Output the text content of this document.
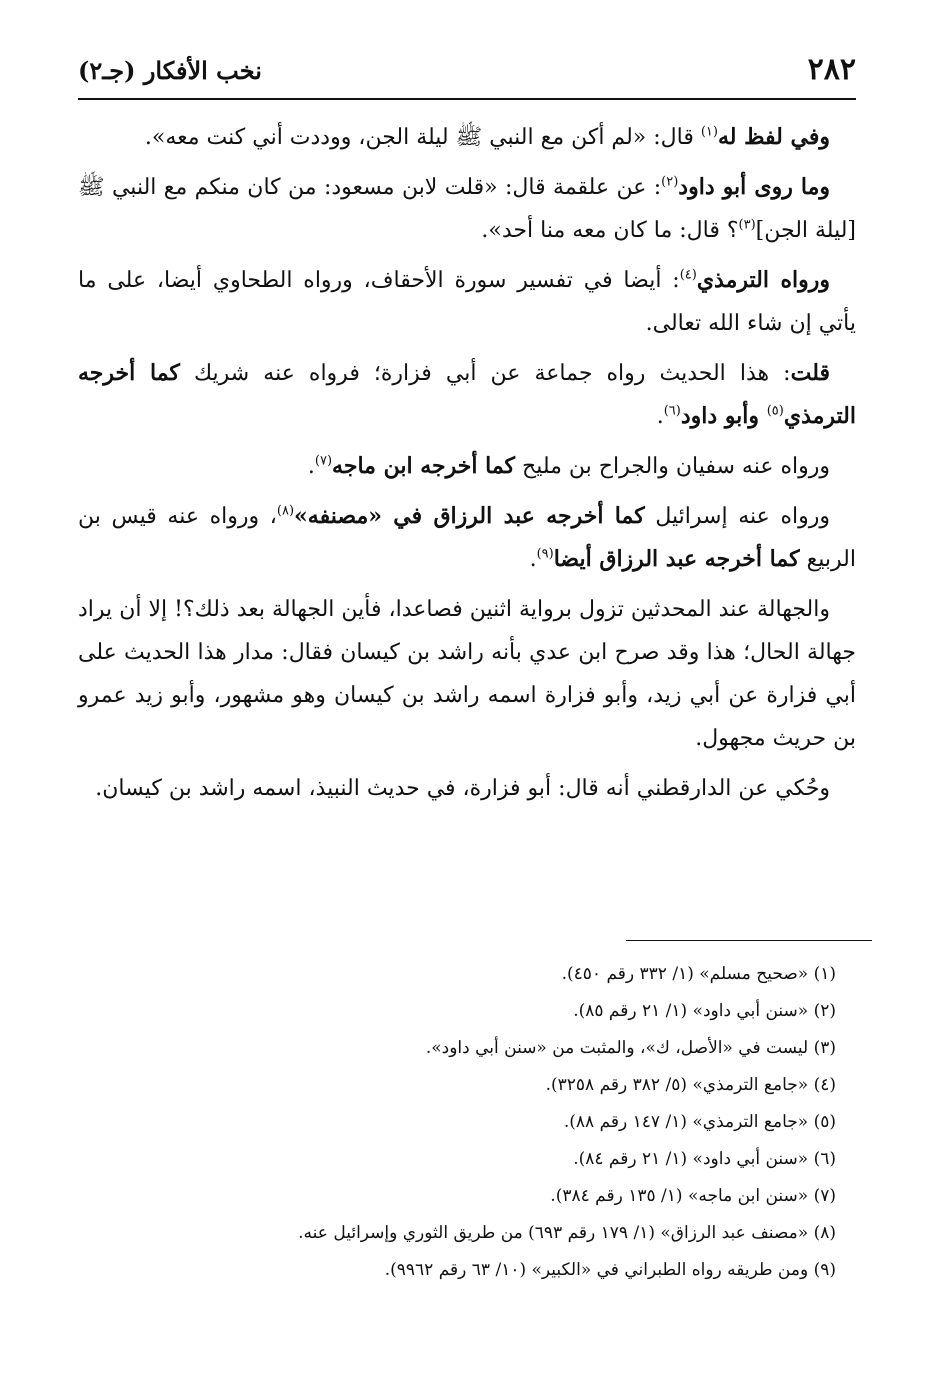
٢٨٢
نخب الأفكار (جـ٢)

وفي لفظ له$^{(١)}$ قال: «لم أكن مع النبي ﷺ ليلة الجن، ووددت أني كنت معه».

وما روى أبو داود$^{(٢)}$: عن علقمة قال: «قلت لابن مسعود: من كان منكم مع النبي ﷺ [ليلة الجن]$^{(٣)}$؟ قال: ما كان معه منا أحد».

ورواه الترمذي$^{(٤)}$: أيضا في تفسير سورة الأحقاف، ورواه الطحاوي أيضا، على ما يأتي إن شاء الله تعالى.

قلت: هذا الحديث رواه جماعة عن أبي فزارة؛ فرواه عنه شريك كما أخرجه الترمذي$^{(٥)}$ وأبو داود$^{(٦)}$.

ورواه عنه سفيان والجراح بن مليح كما أخرجه ابن ماجه$^{(٧)}$.

ورواه عنه إسرائيل كما أخرجه عبد الرزاق في «مصنفه»$^{(٨)}$، ورواه عنه قيس بن الربيع كما أخرجه عبد الرزاق أيضا$^{(٩)}$.

والجهالة عند المحدثين تزول برواية اثنين فصاعدا، فأين الجهالة بعد ذلك؟! إلا أن يراد جهالة الحال؛ هذا وقد صرح ابن عدي بأنه راشد بن كيسان فقال: مدار هذا الحديث على أبي فزارة عن أبي زيد، وأبو فزارة اسمه راشد بن كيسان وهو مشهور، وأبو زيد عمرو بن حريث مجهول.

وحُكي عن الدارقطني أنه قال: أبو فزارة، في حديث النبيذ، اسمه راشد بن كيسان.

(١) «صحيح مسلم» (١/ ٣٣٢ رقم ٤٥٠).
(٢) «سنن أبي داود» (١/ ٢١ رقم ٨٥).
(٣) ليست في «الأصل، ك»، والمثبت من «سنن أبي داود».
(٤) «جامع الترمذي» (٥/ ٣٨٢ رقم ٣٢٥٨).
(٥) «جامع الترمذي» (١/ ١٤٧ رقم ٨٨).
(٦) «سنن أبي داود» (١/ ٢١ رقم ٨٤).
(٧) «سنن ابن ماجه» (١/ ١٣٥ رقم ٣٨٤).
(٨) «مصنف عبد الرزاق» (١/ ١٧٩ رقم ٦٩٣) من طريق الثوري وإسرائيل عنه.
(٩) ومن طريقه رواه الطبراني في «الكبير» (١٠/ ٦٣ رقم ٩٩٦٢).
